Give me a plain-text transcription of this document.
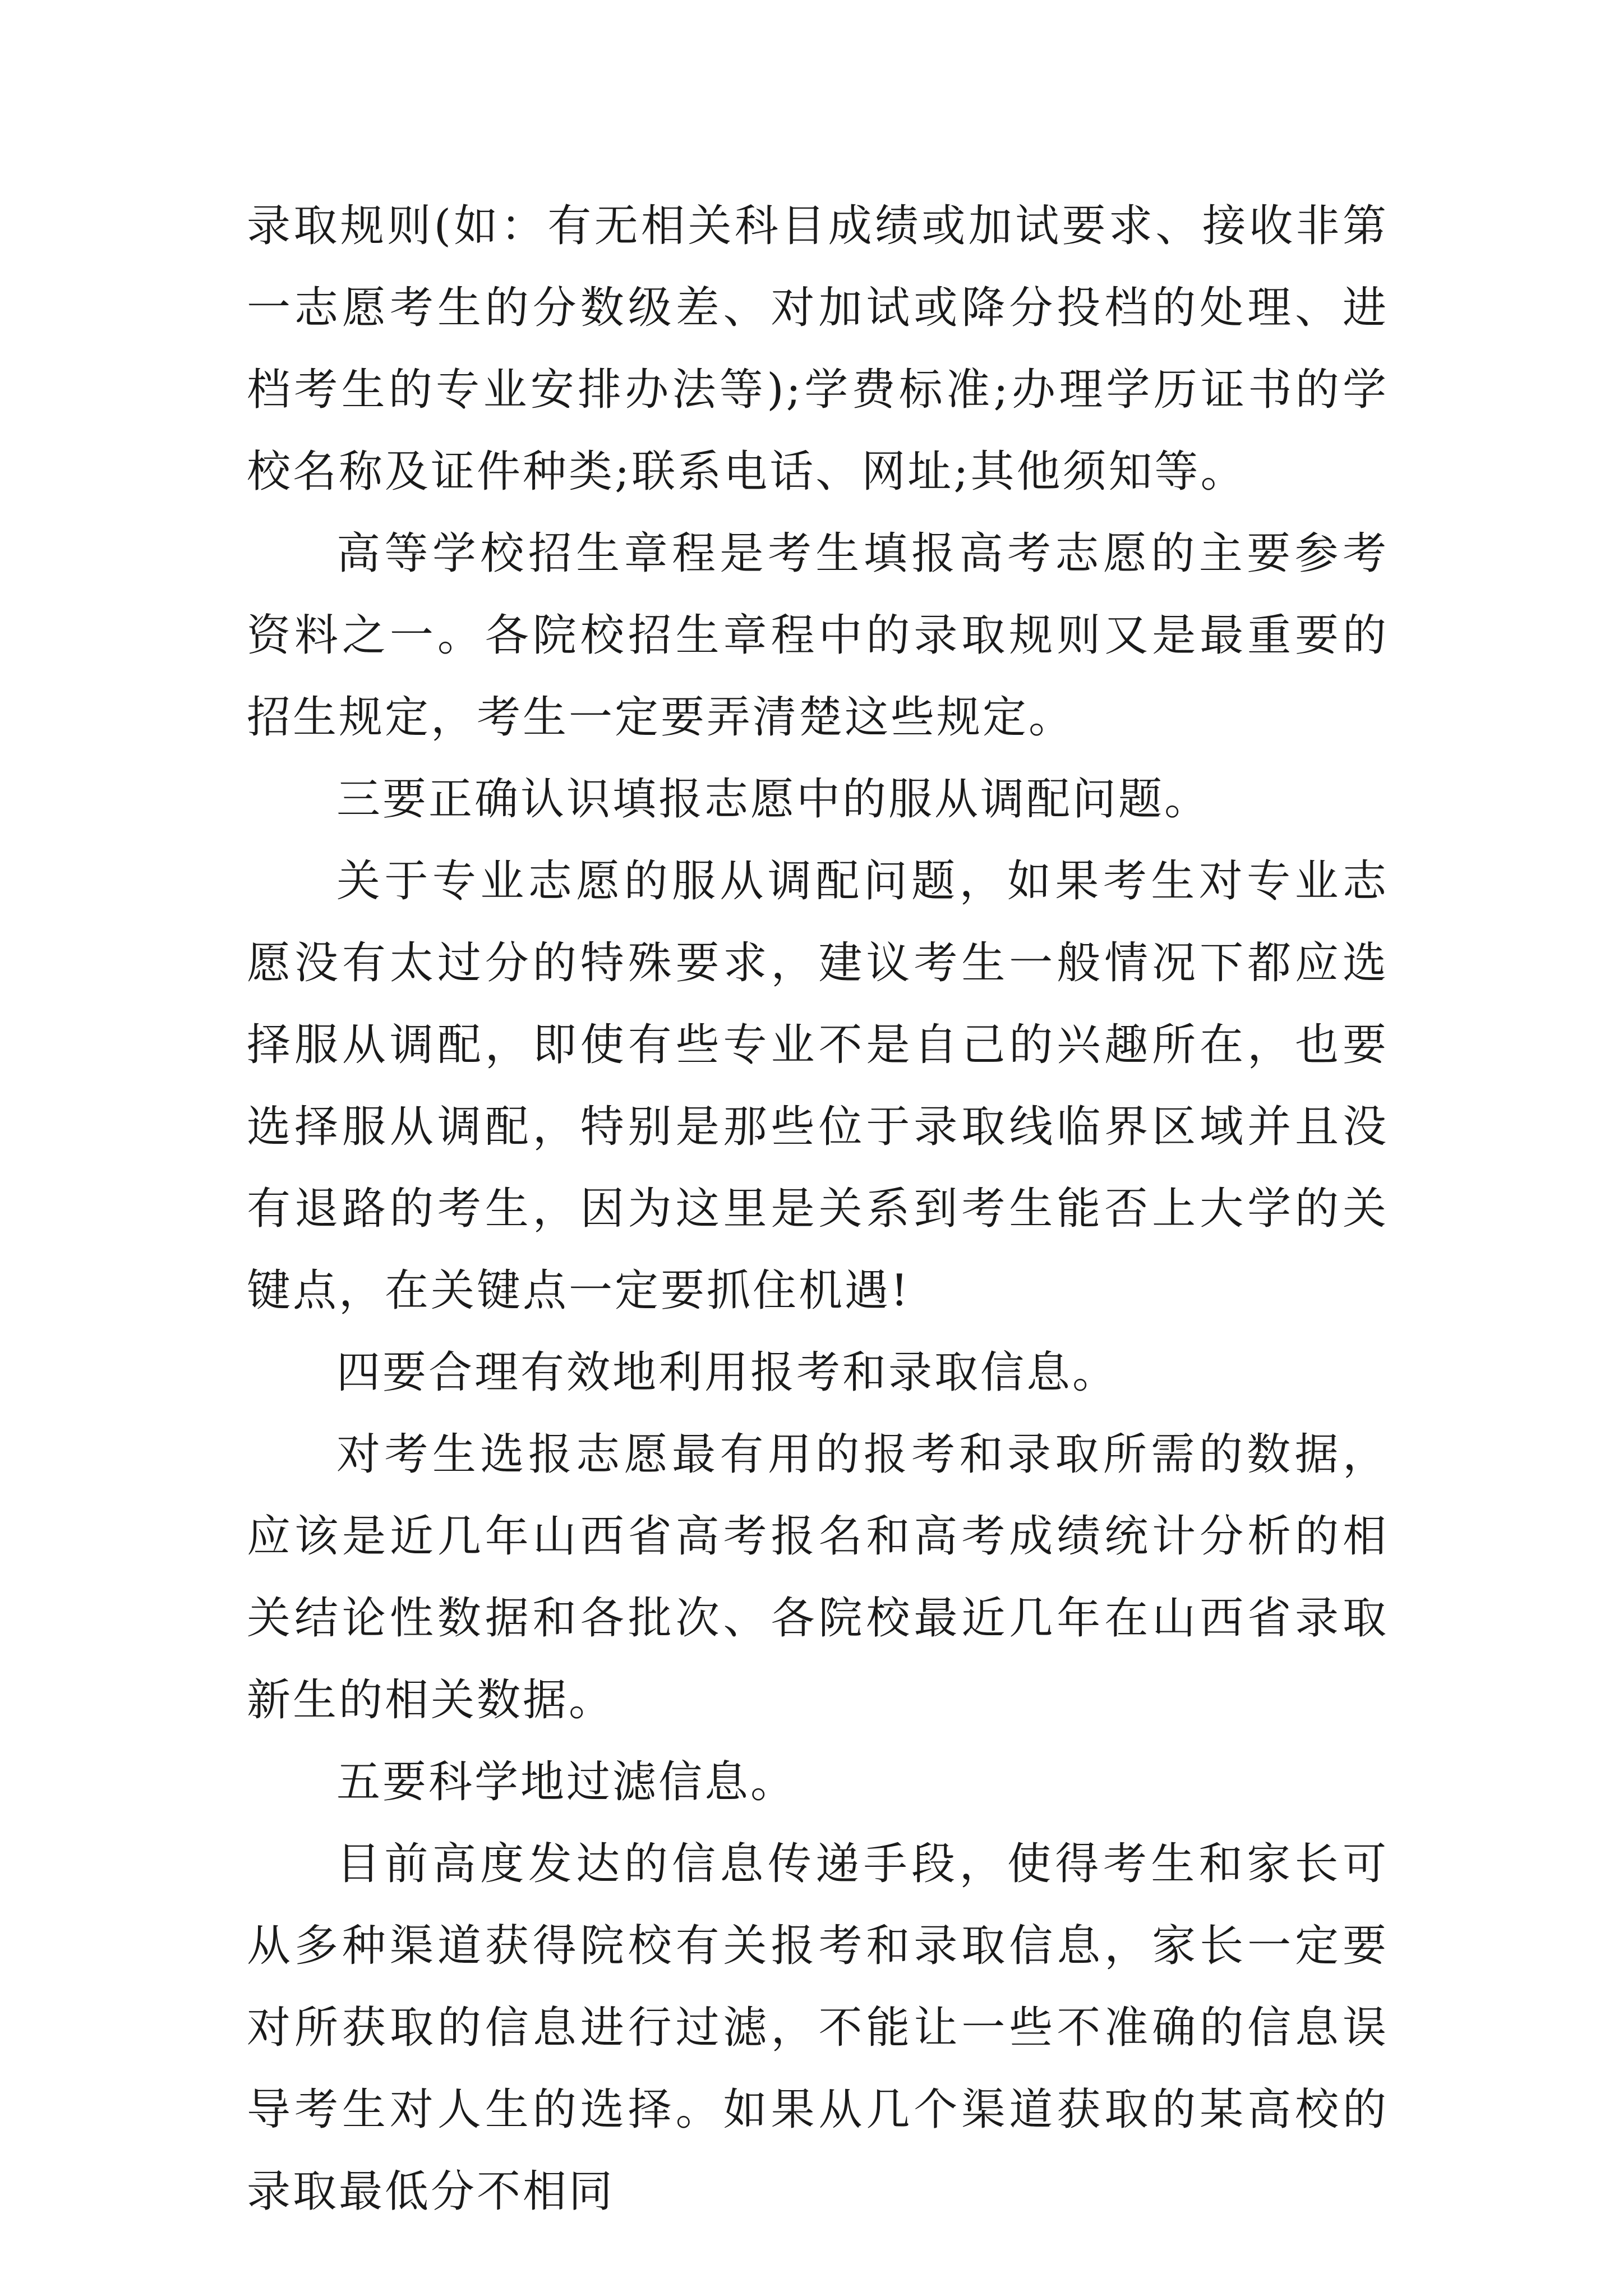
录取规则(如：有无相关科目成绩或加试要求、接收非第一志愿考生的分数级差、对加试或降分投档的处理、进档考生的专业安排办法等);学费标准;办理学历证书的学校名称及证件种类;联系电话、网址;其他须知等。

高等学校招生章程是考生填报高考志愿的主要参考资料之一。各院校招生章程中的录取规则又是最重要的招生规定，考生一定要弄清楚这些规定。

三要正确认识填报志愿中的服从调配问题。

关于专业志愿的服从调配问题，如果考生对专业志愿没有太过分的特殊要求，建议考生一般情况下都应选择服从调配，即使有些专业不是自己的兴趣所在，也要选择服从调配，特别是那些位于录取线临界区域并且没有退路的考生，因为这里是关系到考生能否上大学的关键点，在关键点一定要抓住机遇!

四要合理有效地利用报考和录取信息。

对考生选报志愿最有用的报考和录取所需的数据，应该是近几年山西省高考报名和高考成绩统计分析的相关结论性数据和各批次、各院校最近几年在山西省录取新生的相关数据。

五要科学地过滤信息。

目前高度发达的信息传递手段，使得考生和家长可从多种渠道获得院校有关报考和录取信息，家长一定要对所获取的信息进行过滤，不能让一些不准确的信息误导考生对人生的选择。如果从几个渠道获取的某高校的录取最低分不相同
